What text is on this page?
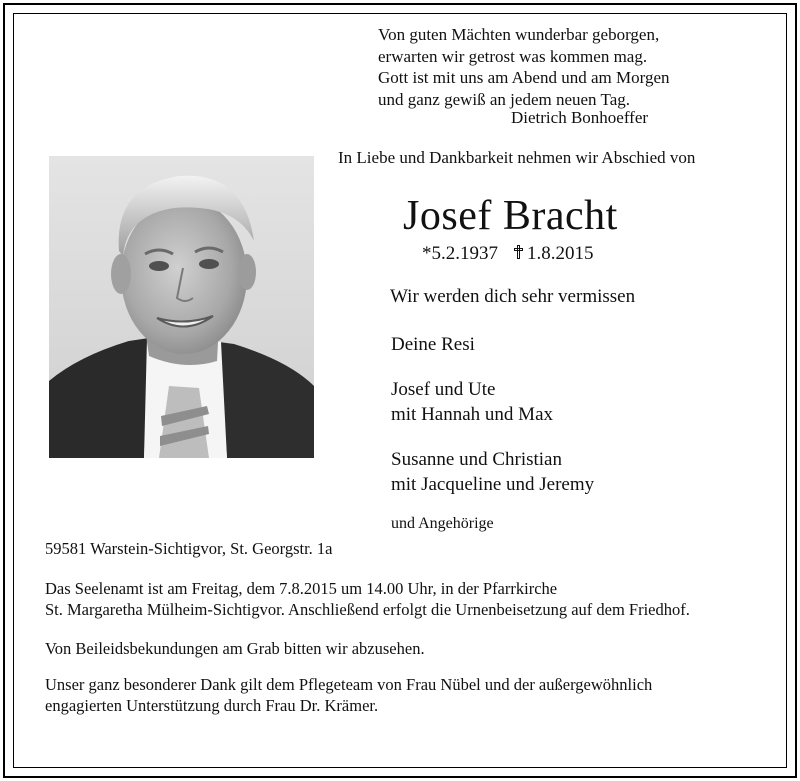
Von guten Mächten wunderbar geborgen,
erwarten wir getrost was kommen mag.
Gott ist mit uns am Abend und am Morgen
und ganz gewiß an jedem neuen Tag.
Dietrich Bonhoeffer
In Liebe und Dankbarkeit nehmen wir Abschied von
Josef Bracht
*5.2.1937 1.8.2015
Wir werden dich sehr vermissen
Deine Resi
Josef und Ute
mit Hannah und Max
Susanne und Christian
mit Jacqueline und Jeremy
und Angehörige
59581 Warstein-Sichtigvor, St. Georgstr. 1a
Das Seelenamt ist am Freitag, dem 7.8.2015 um 14.00 Uhr, in der Pfarrkirche
St. Margaretha Mülheim-Sichtigvor. Anschließend erfolgt die Urnenbeisetzung auf dem Friedhof.
Von Beileidsbekundungen am Grab bitten wir abzusehen.
Unser ganz besonderer Dank gilt dem Pflegeteam von Frau Nübel und der außergewöhnlich
engagierten Unterstützung durch Frau Dr. Krämer.
